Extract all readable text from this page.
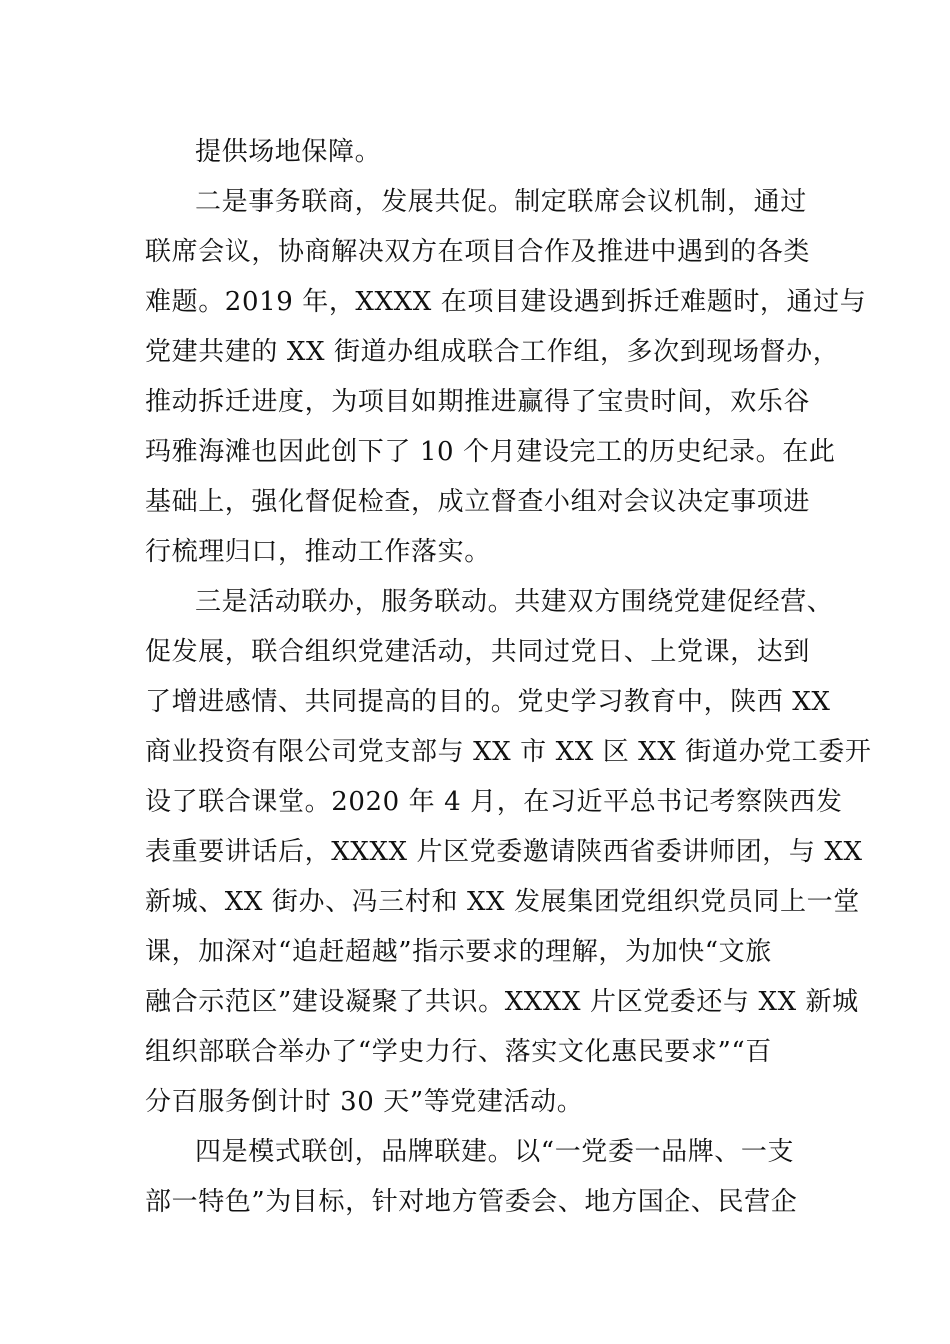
提供场地保障。
二是事务联商，发展共促。制定联席会议机制，通过
联席会议，协商解决双方在项目合作及推进中遇到的各类
难题。2019 年，XXXX 在项目建设遇到拆迁难题时，通过与
党建共建的 XX 街道办组成联合工作组，多次到现场督办，
推动拆迁进度，为项目如期推进赢得了宝贵时间，欢乐谷
玛雅海滩也因此创下了 10 个月建设完工的历史纪录。在此
基础上，强化督促检查，成立督查小组对会议决定事项进
行梳理归口，推动工作落实。
三是活动联办，服务联动。共建双方围绕党建促经营、
促发展，联合组织党建活动，共同过党日、上党课，达到
了增进感情、共同提高的目的。党史学习教育中，陕西 XX
商业投资有限公司党支部与 XX 市 XX 区 XX 街道办党工委开
设了联合课堂。2020 年 4 月，在习近平总书记考察陕西发
表重要讲话后，XXXX 片区党委邀请陕西省委讲师团，与 XX
新城、XX 街办、冯三村和 XX 发展集团党组织党员同上一堂
课，加深对“追赶超越”指示要求的理解，为加快“文旅
融合示范区”建设凝聚了共识。XXXX 片区党委还与 XX 新城
组织部联合举办了“学史力行、落实文化惠民要求”“百
分百服务倒计时 30 天”等党建活动。
四是模式联创，品牌联建。以“一党委一品牌、一支
部一特色”为目标，针对地方管委会、地方国企、民营企
